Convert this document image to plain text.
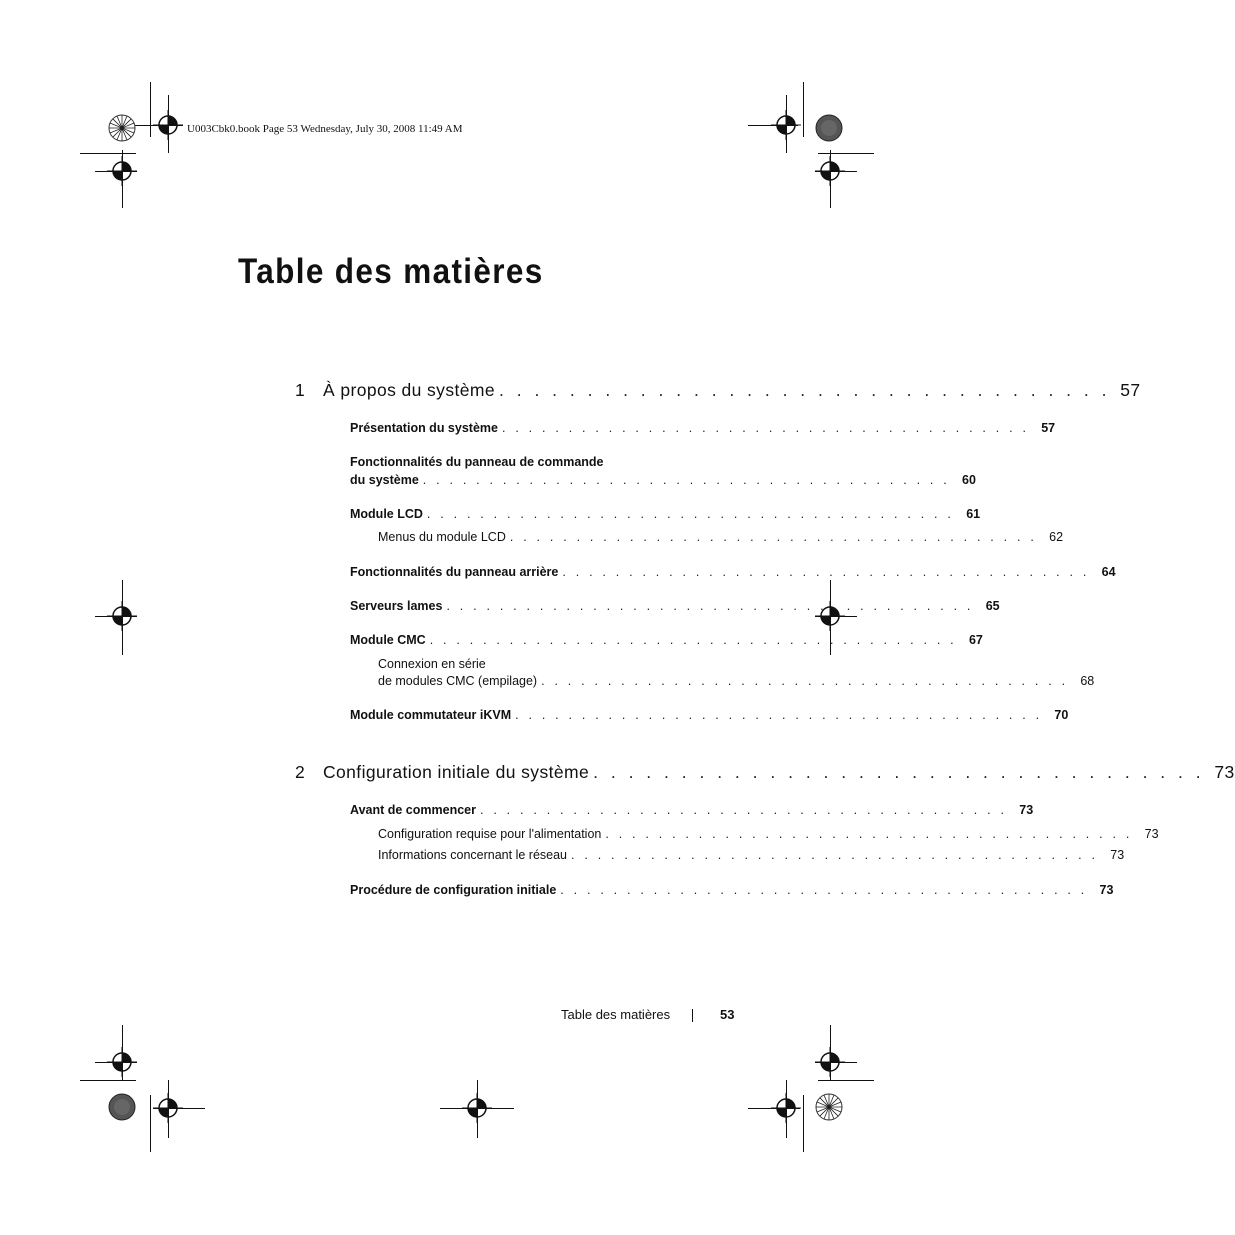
U003Cbk0.book Page 53 Wednesday, July 30, 2008 11:49 AM
Table des matières
1 À propos du système . . . . . . . . . . . . . . . . . . . . . . . . . . . . . . . . . . . 57
Présentation du système . . . . . . . . . . . . . . . . . . . . . . . . . . . . . . . . . . . . . . . . 57
Fonctionnalités du panneau de commande
du système . . . . . . . . . . . . . . . . . . . . . . . . . . . . . . . . . . . . . . . . 60
Module LCD . . . . . . . . . . . . . . . . . . . . . . . . . . . . . . . . . . . . . . . . 61
Menus du module LCD . . . . . . . . . . . . . . . . . . . . . . . . . . . . . . . . . . . . . . . . 62
Fonctionnalités du panneau arrière . . . . . . . . . . . . . . . . . . . . . . . . . . . . . . . . . . . . . . . . 64
Serveurs lames . . . . . . . . . . . . . . . . . . . . . . . . . . . . . . . . . . . . . . . . 65
Module CMC . . . . . . . . . . . . . . . . . . . . . . . . . . . . . . . . . . . . . . . . 67
Connexion en série
de modules CMC (empilage) . . . . . . . . . . . . . . . . . . . . . . . . . . . . . . . . . . . . . . . . 68
Module commutateur iKVM . . . . . . . . . . . . . . . . . . . . . . . . . . . . . . . . . . . . . . . . 70
2 Configuration initiale du système . . . . . . . . . . . . . . . . . . . . . . . . . . . . . . . . . . . 73
Avant de commencer . . . . . . . . . . . . . . . . . . . . . . . . . . . . . . . . . . . . . . . . 73
Configuration requise pour l'alimentation . . . . . . . . . . . . . . . . . . . . . . . . . . . . . . . . . . . . . . . . 73
Informations concernant le réseau . . . . . . . . . . . . . . . . . . . . . . . . . . . . . . . . . . . . . . . . 73
Procédure de configuration initiale . . . . . . . . . . . . . . . . . . . . . . . . . . . . . . . . . . . . . . . . 73
Table des matières	53
